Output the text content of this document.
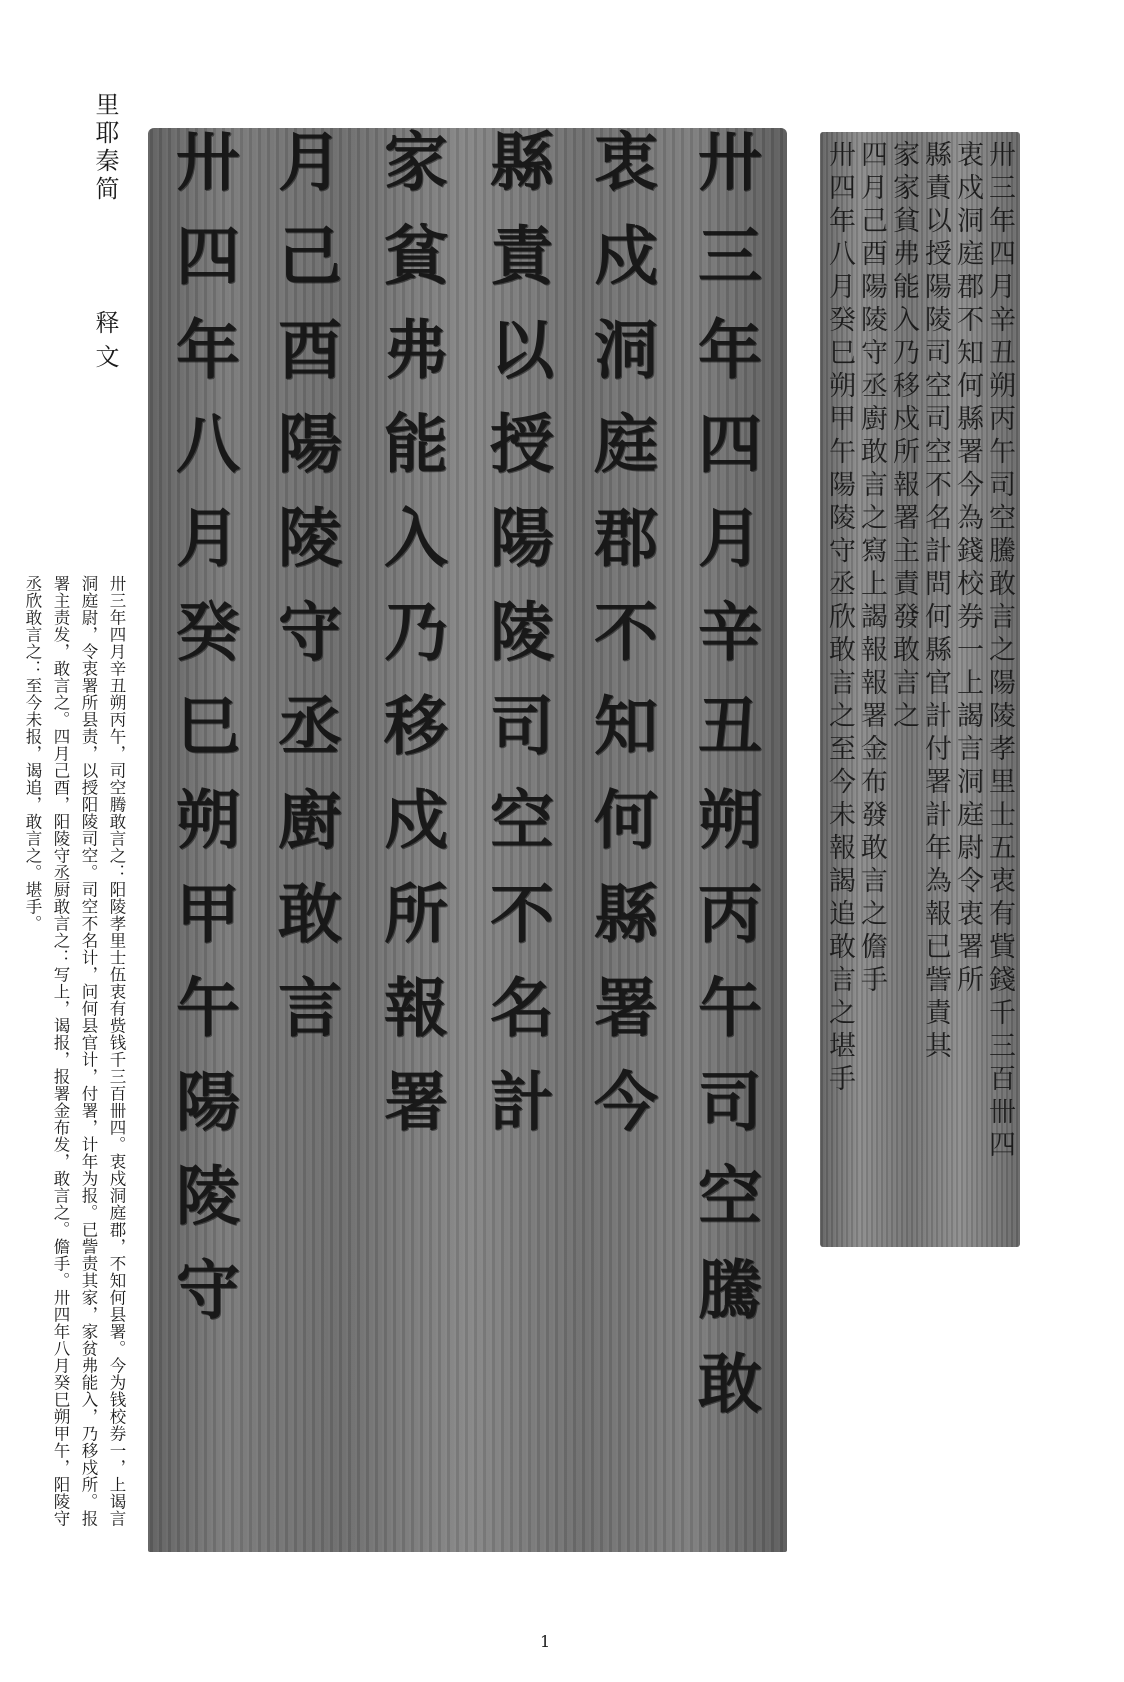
里耶秦简
释文
卅三年四月辛丑朔丙午，司空腾敢言之：阳陵孝里士伍衷有赀钱千三百卌四。衷戍洞庭郡，不知何县署。今为钱校券一，上谒言洞庭尉，令衷署所县责，以授阳陵司空。司空不名计，问何县官计，付署，计年为报。已訾责其家，家贫弗能入，乃移戍所。报署主责发，敢言之。四月己酉，阳陵守丞厨敢言之：写上，谒报，报署金布发，敢言之。儋手。卅四年八月癸巳朔甲午，阳陵守丞欣敢言之：至今未报，谒追，敢言之。堪手。	卅三年四月辛丑朔丙午司空騰敢
衷戍洞庭郡不知何縣署今
縣責以授陽陵司空不名計
家貧弗能入乃移戍所報署
月己酉陽陵守丞廚敢言
卅四年八月癸巳朔甲午陽陵守	卅三年四月辛丑朔丙午司空騰敢言之陽陵孝里士五衷有貲錢千三百卌四
衷戍洞庭郡不知何縣署今為錢校券一上謁言洞庭尉令衷署所
縣責以授陽陵司空司空不名計問何縣官計付署計年為報已訾責其
家家貧弗能入乃移戍所報署主責發敢言之
四月己酉陽陵守丞廚敢言之寫上謁報報署金布發敢言之儋手
卅四年八月癸巳朔甲午陽陵守丞欣敢言之至今未報謁追敢言之堪手
1
